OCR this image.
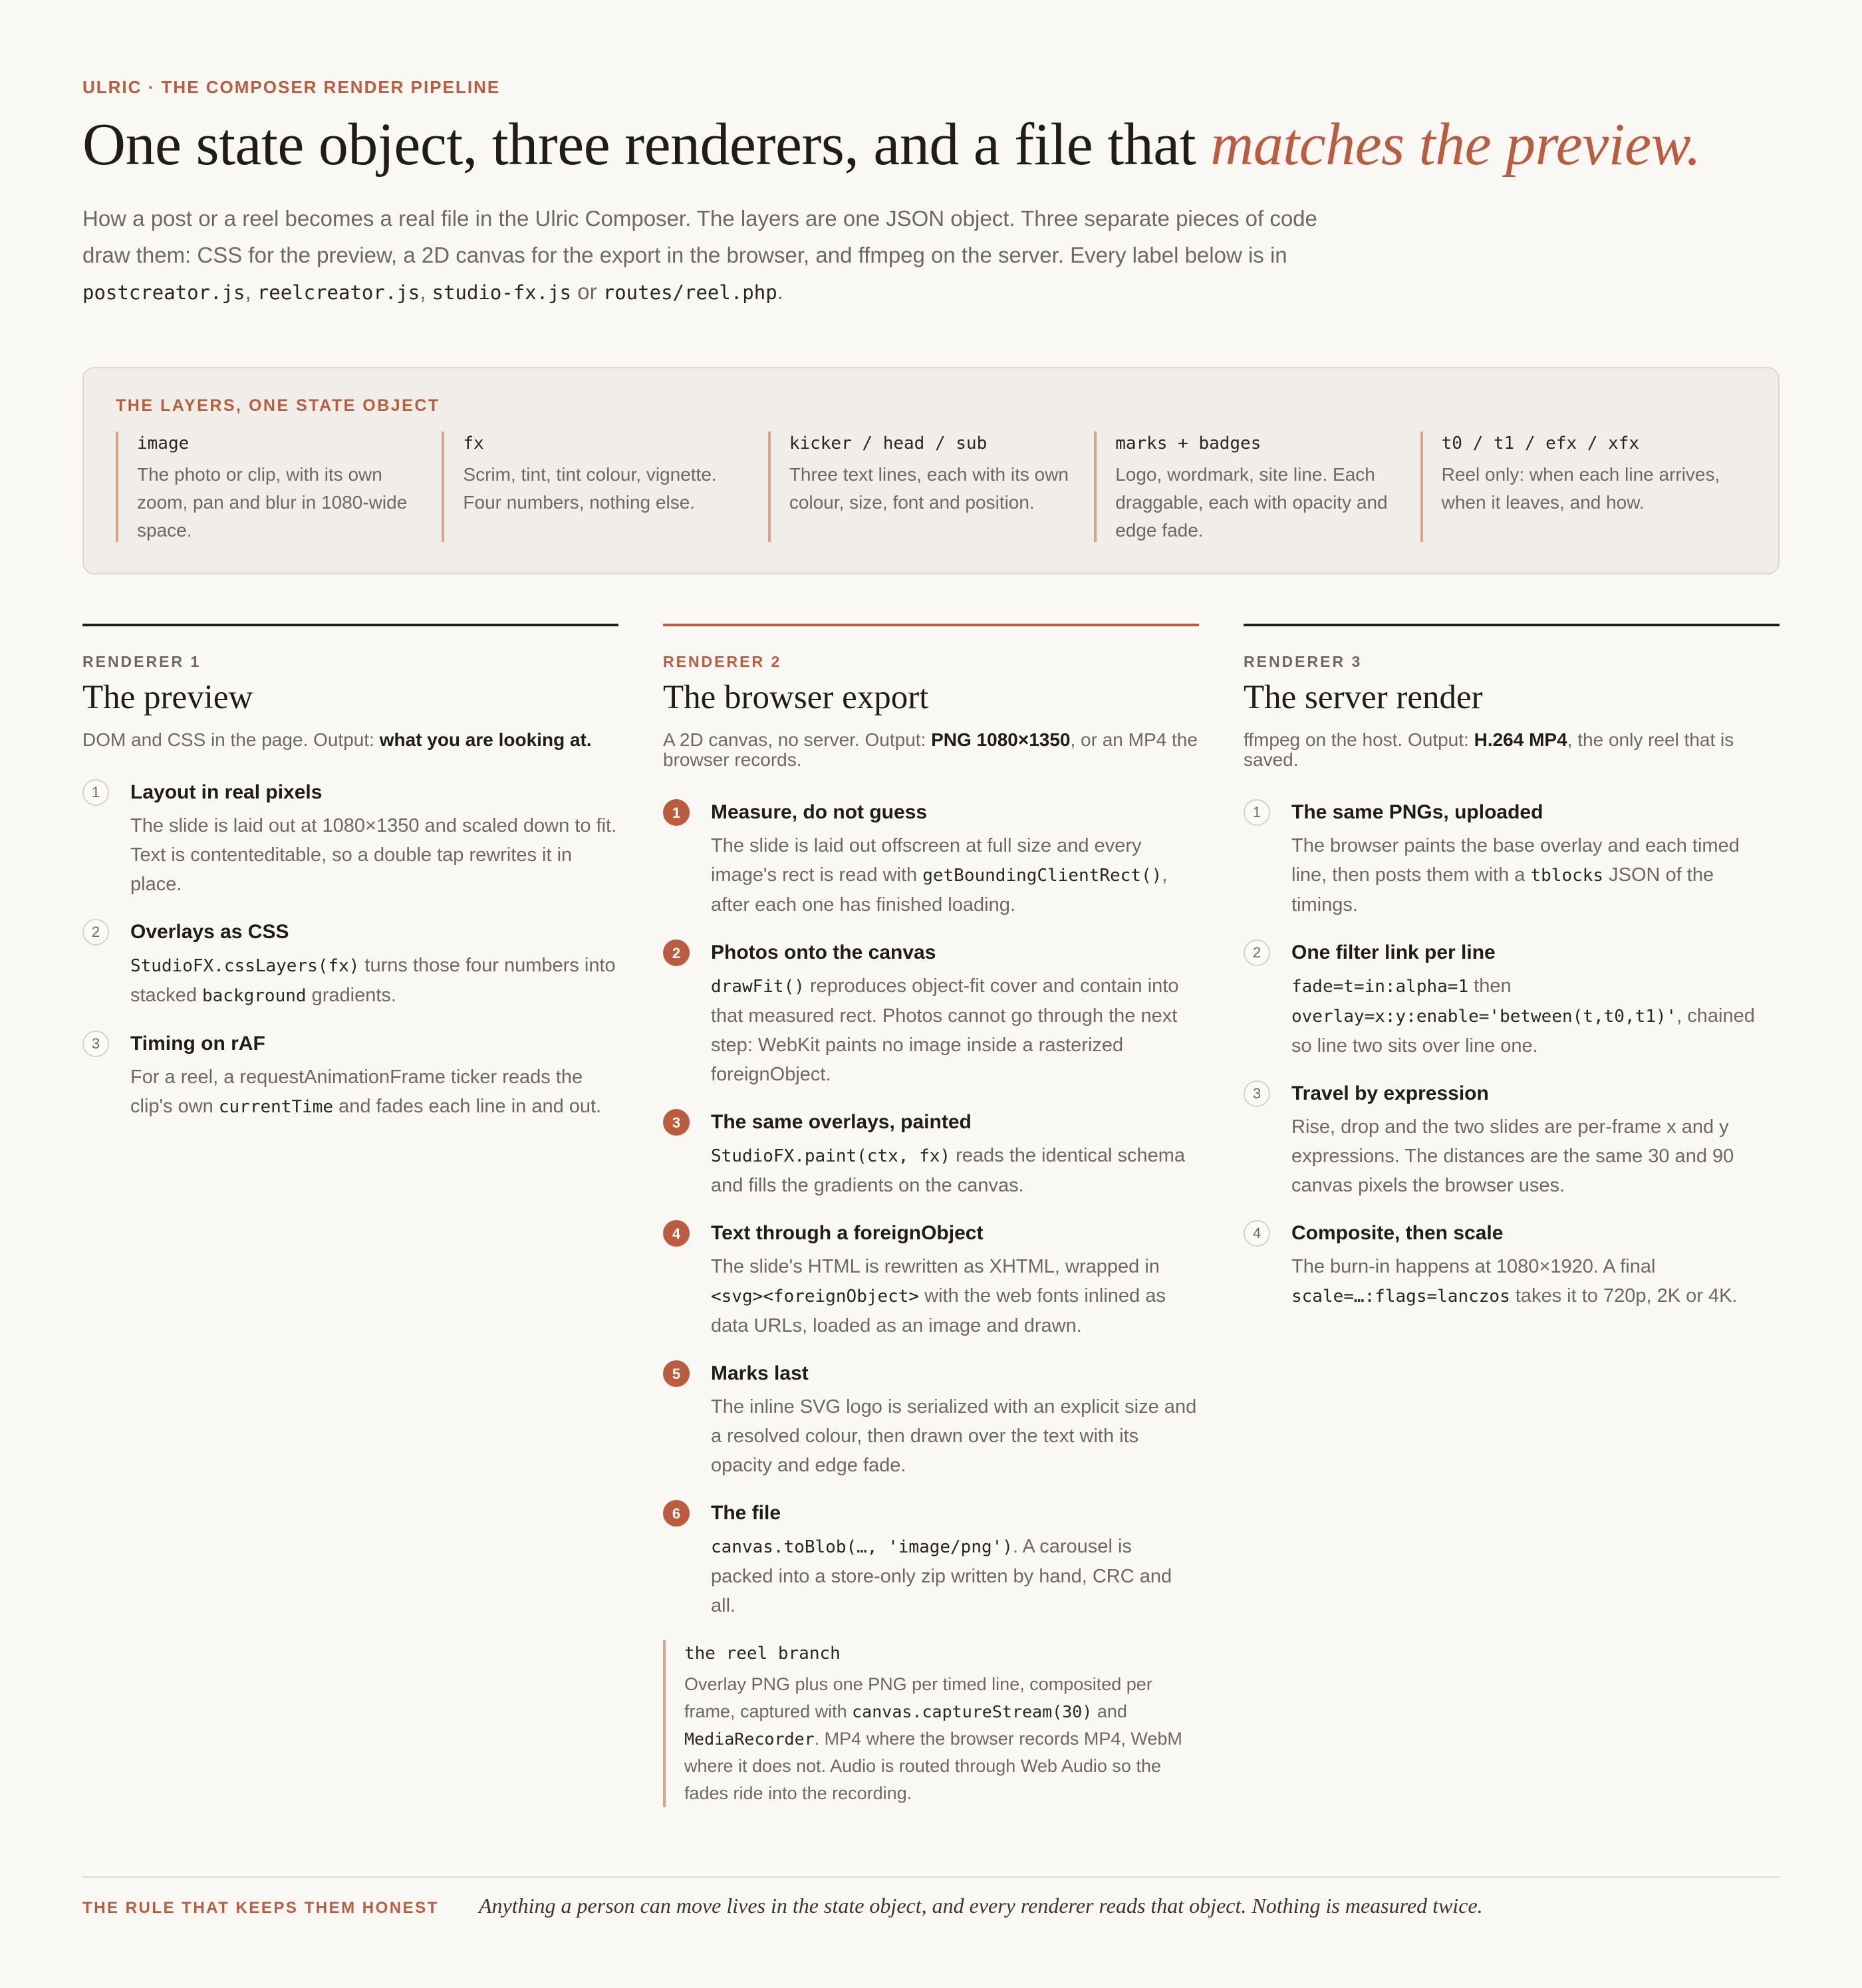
ULRIC · THE COMPOSER RENDER PIPELINE
One state object, three renderers, and a file that matches the preview.

How a post or a reel becomes a real file in the Ulric Composer. The layers are one JSON object. Three separate pieces of code draw them: CSS for the preview, a 2D canvas for the export in the browser, and ffmpeg on the server. Every label below is in postcreator.js, reelcreator.js, studio-fx.js or routes/reel.php.

THE LAYERS, ONE STATE OBJECT
image
The photo or clip, with its own zoom, pan and blur in 1080-wide space.
fx
Scrim, tint, tint colour, vignette. Four numbers, nothing else.
kicker / head / sub
Three text lines, each with its own colour, size, font and position.
marks + badges
Logo, wordmark, site line. Each draggable, each with opacity and edge fade.
t0 / t1 / efx / xfx
Reel only: when each line arrives, when it leaves, and how.
RENDERER 1
The preview
DOM and CSS in the page. Output: what you are looking at.
1	Layout in real pixels
The slide is laid out at 1080×1350 and scaled down to fit. Text is contenteditable, so a double tap rewrites it in place.
2	Overlays as CSS
StudioFX.cssLayers(fx) turns those four numbers into stacked background gradients.
3	Timing on rAF
For a reel, a requestAnimationFrame ticker reads the clip's own currentTime and fades each line in and out.
RENDERER 2
The browser export
A 2D canvas, no server. Output: PNG 1080×1350, or an MP4 the browser records.
1	Measure, do not guess
The slide is laid out offscreen at full size and every image's rect is read with getBoundingClientRect(), after each one has finished loading.
2	Photos onto the canvas
drawFit() reproduces object-fit cover and contain into that measured rect. Photos cannot go through the next step: WebKit paints no image inside a rasterized foreignObject.
3	The same overlays, painted
StudioFX.paint(ctx, fx) reads the identical schema and fills the gradients on the canvas.
4	Text through a foreignObject
The slide's HTML is rewritten as XHTML, wrapped in <svg><foreignObject> with the web fonts inlined as data URLs, loaded as an image and drawn.
5	Marks last
The inline SVG logo is serialized with an explicit size and a resolved colour, then drawn over the text with its opacity and edge fade.
6	The file
canvas.toBlob(…, 'image/png'). A carousel is packed into a store-only zip written by hand, CRC and all.
the reel branch
Overlay PNG plus one PNG per timed line, composited per frame, captured with canvas.captureStream(30) and MediaRecorder. MP4 where the browser records MP4, WebM where it does not. Audio is routed through Web Audio so the fades ride into the recording.
RENDERER 3
The server render
ffmpeg on the host. Output: H.264 MP4, the only reel that is saved.
1	The same PNGs, uploaded
The browser paints the base overlay and each timed line, then posts them with a tblocks JSON of the timings.
2	One filter link per line
fade=t=in:alpha=1 then overlay=x:y:enable='between(t,t0,t1)', chained so line two sits over line one.
3	Travel by expression
Rise, drop and the two slides are per-frame x and y expressions. The distances are the same 30 and 90 canvas pixels the browser uses.
4	Composite, then scale
The burn-in happens at 1080×1920. A final scale=…:flags=lanczos takes it to 720p, 2K or 4K.
THE RULE THAT KEEPS THEM HONEST Anything a person can move lives in the state object, and every renderer reads that object. Nothing is measured twice.
